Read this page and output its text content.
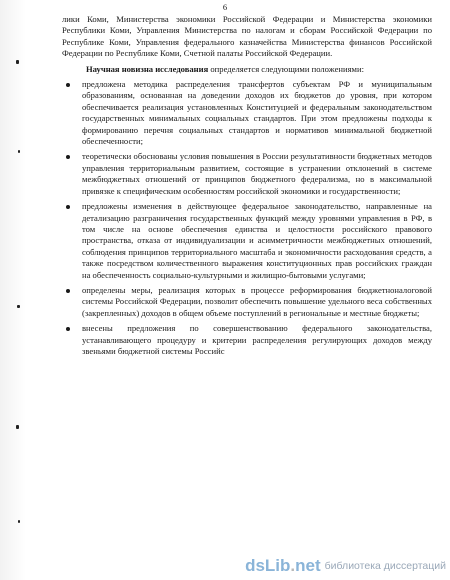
6

лики Коми, Министерства экономики Российской Федерации и Министерства экономики Республики Коми, Управления Министерства по налогам и сборам Российской Федерации по Республике Коми, Управления федерального казначейства Министерства финансов Российской Федерации по Республике Коми, Счетной палаты Российской Федерации.

Научная новизна исследования определяется следующими положениями:

предложена методика распределения трансфертов субъектам РФ и муниципальным образованиям, основанная на доведении доходов их бюджетов до уровня, при котором обеспечивается реализация установленных Конституцией и федеральным законодательством государственных минимальных социальных стандартов. При этом предложены подходы к формированию перечня социальных стандартов и нормативов минимальной бюджетной обеспеченности;
теоретически обоснованы условия повышения в России результативности бюджетных методов управления территориальным развитием, состоящие в устранении отклонений в системе межбюджетных отношений от принципов бюджетного федерализма, но в максимальной привязке к специфическим особенностям российской экономики и государственности;
предложены изменения в действующее федеральное законодательство, направленные на детализацию разграничения государственных функций между уровнями управления в РФ, в том числе на основе обеспечения единства и целостности российского правового пространства, отказа от индивидуализации и асимметричности межбюджетных отношений, соблюдения принципов территориального масштаба и экономичности расходования средств, а также посредством количественного выражения конституционных прав российских граждан на обеспеченность социально-культурными и жилищно-бытовыми услугами;
определены меры, реализация которых в процессе реформирования бюджетноналоговой системы Российской Федерации, позволит обеспечить повышение удельного веса собственных (закрепленных) доходов в общем объеме поступлений в региональные и местные бюджеты;
внесены предложения по совершенствованию федерального законодательства, устанавливающего процедуру и критерии распределения регулирующих доходов между звеньями бюджетной системы Российс
dsLib.net библиотека диссертаций
